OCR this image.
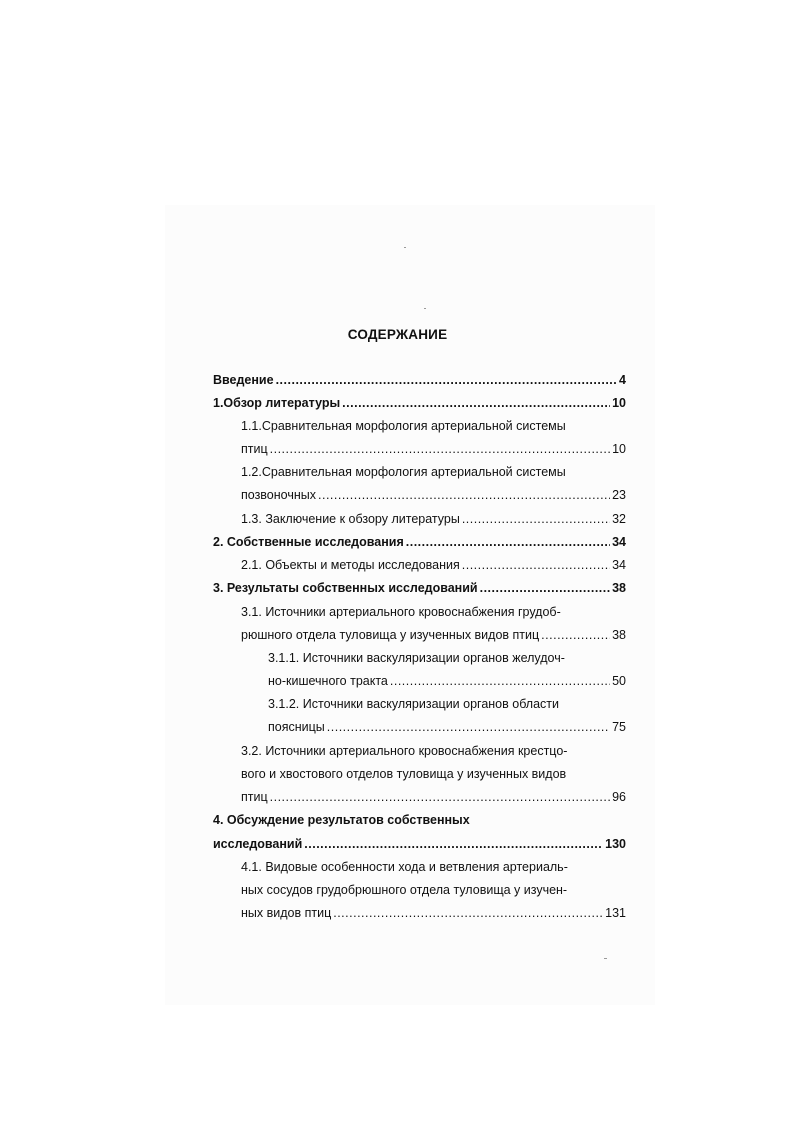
СОДЕРЖАНИЕ
Введение .....	4
1.Обзор литературы .....	10
1.1.Сравнительная морфология артериальной системы
птиц .....	10
1.2.Сравнительная морфология артериальной системы
позвоночных .....	23
1.3. Заключение к обзору литературы .....	32
2. Собственные исследования .....	34
2.1. Объекты и методы исследования .....	34
3. Результаты собственных исследований .....	38
3.1. Источники артериального кровоснабжения грудоб-
рюшного отдела туловища у изученных видов птиц .....	38
3.1.1. Источники васкуляризации органов желудоч-
но-кишечного тракта .....	50
3.1.2. Источники васкуляризации органов области
поясницы .....	75
3.2. Источники артериального кровоснабжения крестцо-
вого и хвостового отделов туловища у изученных видов
птиц .....	96
4. Обсуждение результатов собственных
исследований .....	130
4.1. Видовые особенности хода и ветвления артериаль-
ных сосудов грудобрюшного отдела туловища у изучен-
ных видов птиц .....	131
